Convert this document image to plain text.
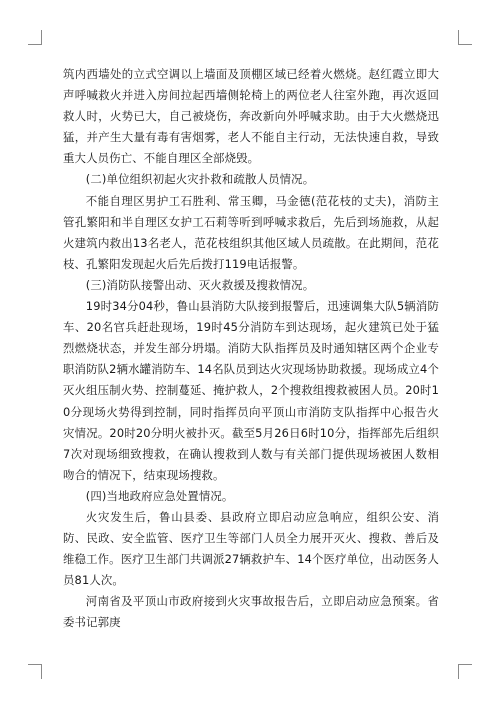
筑内西墙处的立式空调以上墙面及顶棚区域已经着火燃烧。赵红霞立即大声呼喊救火并进入房间拉起西墙侧轮椅上的两位老人往室外跑，再次返回救人时，火势已大，自己被烧伤，奔改新向外呼喊求助。由于大火燃烧迅猛，并产生大量有毒有害烟雾，老人不能自主行动，无法快速自救，导致重大人员伤亡、不能自理区全部烧毁。

(二)单位组织初起火灾扑救和疏散人员情况。

不能自理区男护工石胜利、常玉卿，马金德(范花枝的丈夫)，消防主管孔繁阳和半自理区女护工石莉等听到呼喊求救后，先后到场施救，从起火建筑内救出13名老人，范花枝组织其他区域人员疏散。在此期间，范花枝、孔繁阳发现起火后先后拨打119电话报警。

(三)消防队接警出动、灭火救援及搜救情况。

19时34分04秒，鲁山县消防大队接到报警后，迅速调集大队5辆消防车、20名官兵赶赴现场，19时45分消防车到达现场，起火建筑已处于猛烈燃烧状态，并发生部分坍塌。消防大队指挥员及时通知辖区两个企业专职消防队2辆水罐消防车、14名队员到达火灾现场协助救援。现场成立4个灭火组压制火势、控制蔓延、掩护救人，2个搜救组搜救被困人员。20时10分现场火势得到控制，同时指挥员向平顶山市消防支队指挥中心报告火灾情况。20时20分明火被扑灭。截至5月26日6时10分，指挥部先后组织7次对现场细致搜救，在确认搜救到人数与有关部门提供现场被困人数相吻合的情况下，结束现场搜救。

(四)当地政府应急处置情况。

火灾发生后，鲁山县委、县政府立即启动应急响应，组织公安、消防、民政、安全监管、医疗卫生等部门人员全力展开灭火、搜救、善后及维稳工作。医疗卫生部门共调派27辆救护车、14个医疗单位，出动医务人员81人次。

河南省及平顶山市政府接到火灾事故报告后，立即启动应急预案。省委书记郭庚
